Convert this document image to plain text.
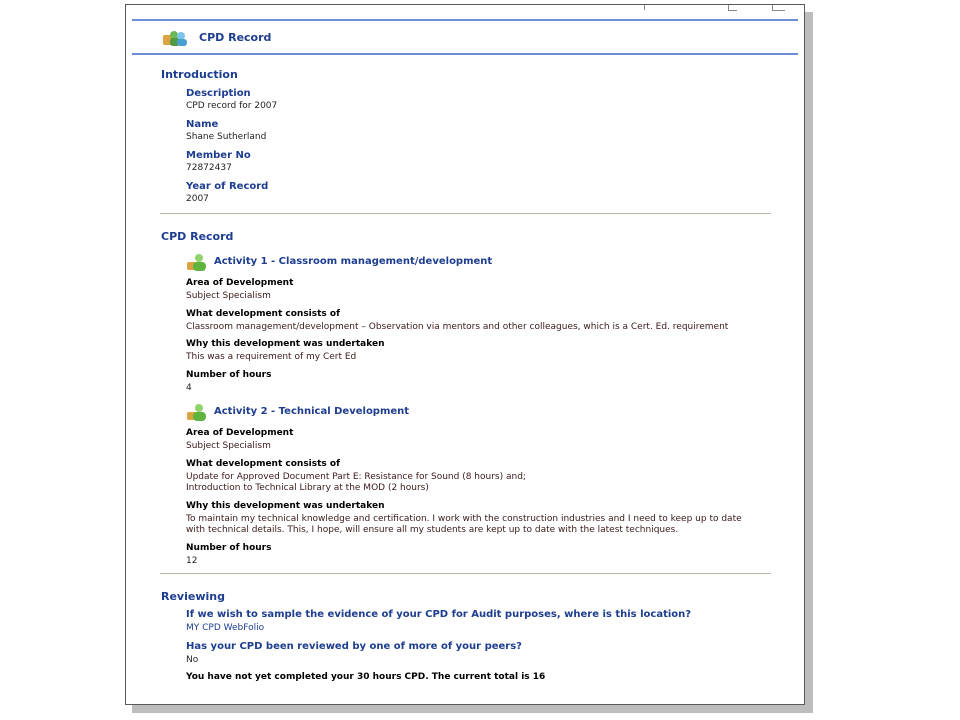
CPD Record
Introduction
Description
CPD record for 2007
Name
Shane Sutherland
Member No
72872437
Year of Record
2007
CPD Record
Activity 1 - Classroom management/development
Area of Development
Subject Specialism
What development consists of
Classroom management/development – Observation via mentors and other colleagues, which is a Cert. Ed. requirement
Why this development was undertaken
This was a requirement of my Cert Ed
Number of hours
4
Activity 2 - Technical Development
Area of Development
Subject Specialism
What development consists of
Update for Approved Document Part E: Resistance for Sound (8 hours) and;
Introduction to Technical Library at the MOD (2 hours)
Why this development was undertaken
To maintain my technical knowledge and certification. I work with the construction industries and I need to keep up to date
with technical details. This, I hope, will ensure all my students are kept up to date with the latest techniques.
Number of hours
12
Reviewing
If we wish to sample the evidence of your CPD for Audit purposes, where is this location?
MY CPD WebFolio
Has your CPD been reviewed by one of more of your peers?
No
You have not yet completed your 30 hours CPD. The current total is 16
